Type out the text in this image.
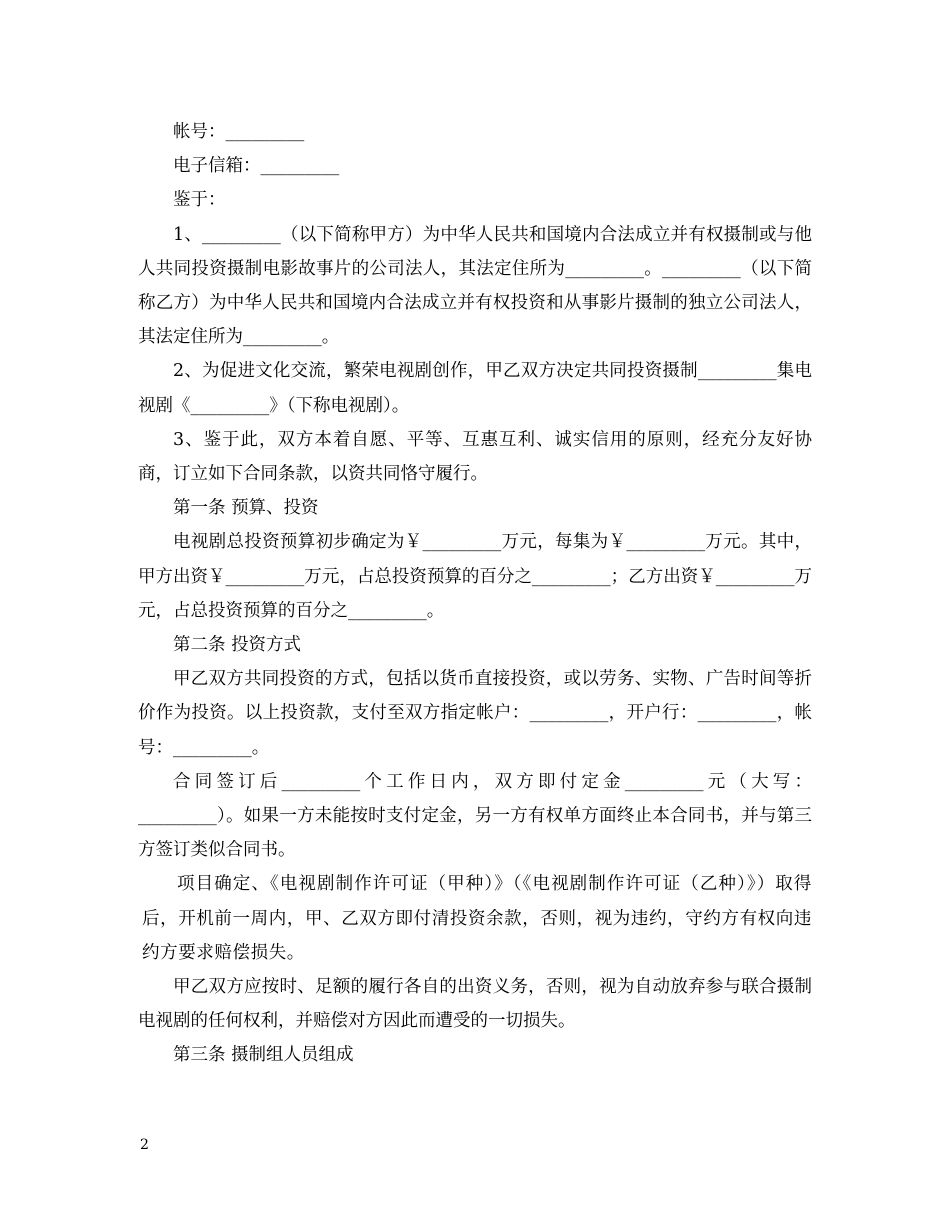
帐号：_________

电子信箱：_________

鉴于：

1、_________（以下简称甲方）为中华人民共和国境内合法成立并有权摄制或与他人共同投资摄制电影故事片的公司法人，其法定住所为_________。_________（以下简称乙方）为中华人民共和国境内合法成立并有权投资和从事影片摄制的独立公司法人，其法定住所为_________。

2、为促进文化交流，繁荣电视剧创作，甲乙双方决定共同投资摄制_________集电视剧《_________》（下称电视剧）。

3、鉴于此，双方本着自愿、平等、互惠互利、诚实信用的原则，经充分友好协商，订立如下合同条款，以资共同恪守履行。

第一条 预算、投资

电视剧总投资预算初步确定为￥_________万元，每集为￥_________万元。其中，甲方出资￥_________万元，占总投资预算的百分之_________；乙方出资￥_________万元，占总投资预算的百分之_________。

第二条 投资方式

甲乙双方共同投资的方式，包括以货币直接投资，或以劳务、实物、广告时间等折价作为投资。以上投资款，支付至双方指定帐户：_________，开户行：_________，帐号：_________。

合同签订后_________个工作日内，双方即付定金_________元（大写：_________）。如果一方未能按时支付定金，另一方有权单方面终止本合同书，并与第三方签订类似合同书。

项目确定、《电视剧制作许可证（甲种）》（《电视剧制作许可证（乙种）》）取得后，开机前一周内，甲、乙双方即付清投资余款，否则，视为违约，守约方有权向违约方要求赔偿损失。

甲乙双方应按时、足额的履行各自的出资义务，否则，视为自动放弃参与联合摄制电视剧的任何权利，并赔偿对方因此而遭受的一切损失。

第三条 摄制组人员组成

2
